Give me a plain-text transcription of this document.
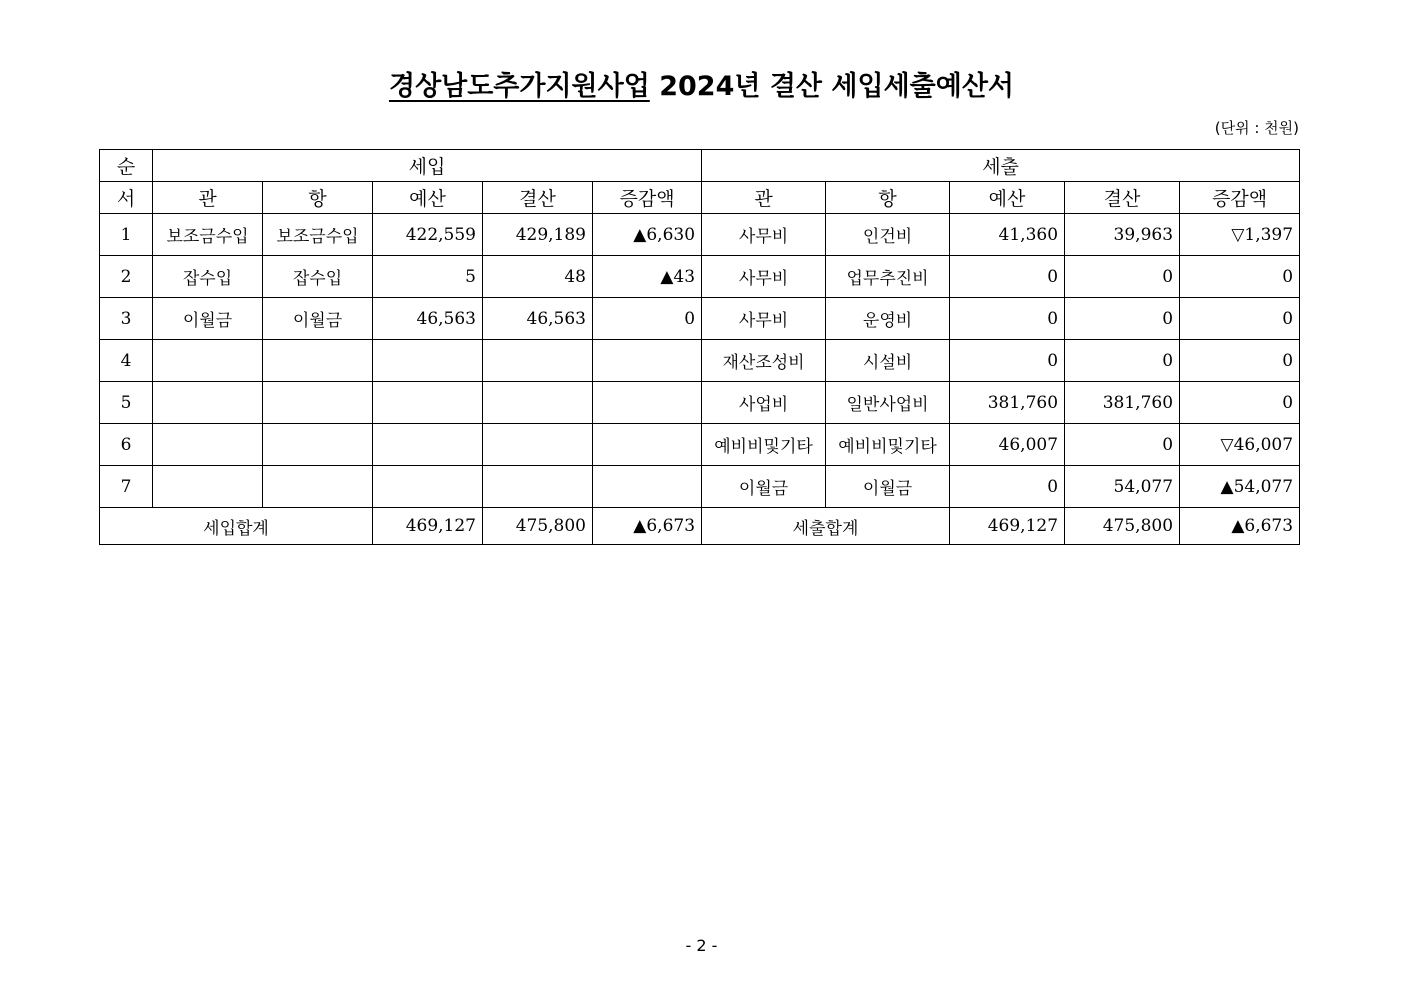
경상남도추가지원사업 2024년 결산 세입세출예산서
(단위 : 천원)
순	세입					세출				
서	관	항	예산	결산	증감액	관	항	예산	결산	증감액
1	보조금수입	보조금수입	422,559	429,189	▲6,630	사무비	인건비	41,360	39,963	▽1,397
2	잡수입	잡수입	5	48	▲43	사무비	업무추진비	0	0	0
3	이월금	이월금	46,563	46,563	0	사무비	운영비	0	0	0
4						재산조성비	시설비	0	0	0
5						사업비	일반사업비	381,760	381,760	0
6						예비비및기타	예비비및기타	46,007	0	▽46,007
7						이월금	이월금	0	54,077	▲54,077
세입합계			469,127	475,800	▲6,673	세출합계		469,127	475,800	▲6,673
- 2 -
